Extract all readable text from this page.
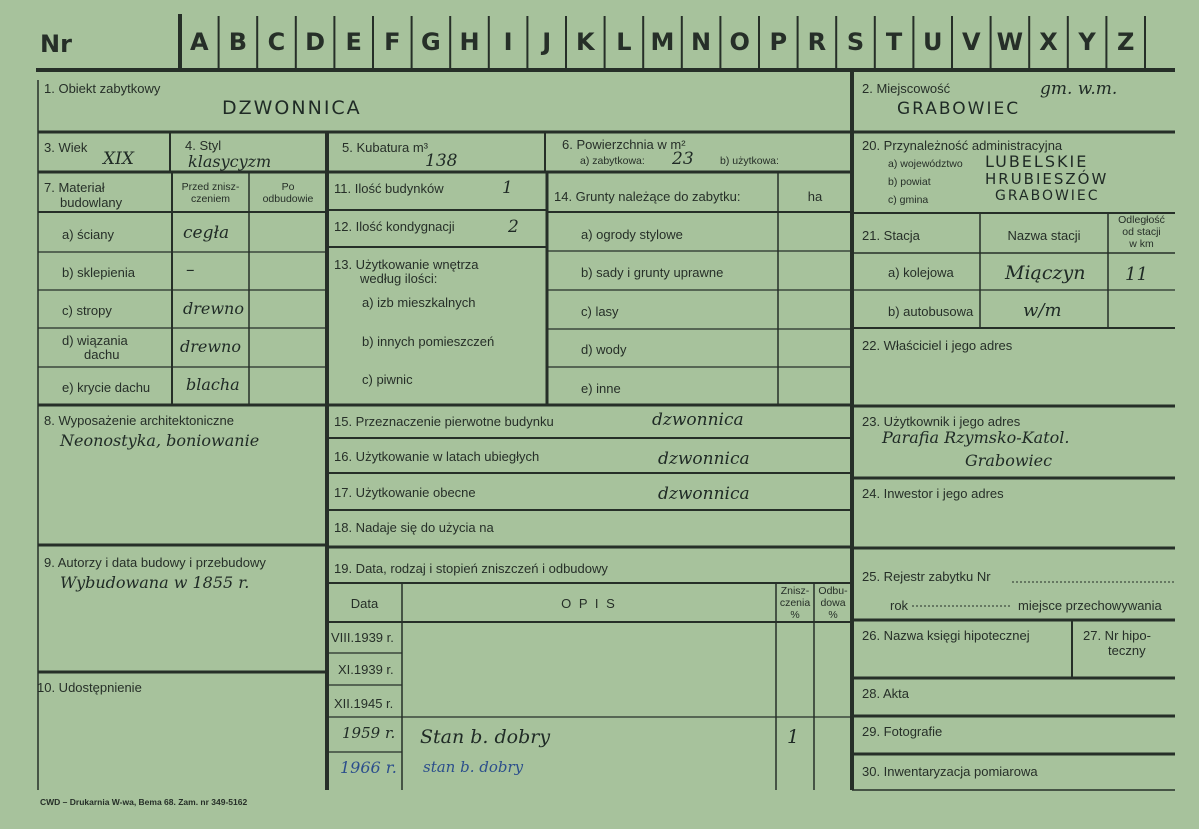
Nr	A B C D E F G H	I	J	K L M N O P R S T U V W X Y Z
1. Obiekt zabytkowy
DZWONNICA
2. Miejscowość	gm. w.m.
GRABOWIEC
3. Wiek
XIX
4. Styl
klasycyzm
5. Kubatura m³
138
6. Powierzchnia w m²
a) zabytkowa: 23	b) użytkowa:
7. Materiał
budowlany
Przed znisz-
czeniem
Po
odbudowie
a) ściany	cegła
b) sklepienia	–
c) stropy	drewno
d) wiązania
dachu	drewno
e) krycie dachu blacha
11. Ilość budynków	1
12. Ilość kondygnacji	2
13. Użytkowanie wnętrza
według ilości:
a) izb mieszkalnych
b) innych pomieszczeń
c) piwnic
14. Grunty należące do zabytku:	ha
a) ogrody stylowe
b) sady i grunty uprawne
c) lasy
d) wody
e) inne
8. Wyposażenie architektoniczne
Neonostyka, boniowanie
9. Autorzy i data budowy i przebudowy
Wybudowana w 1855 r.
10. Udostępnienie
15. Przeznaczenie pierwotne budynku	dzwonnica
16. Użytkowanie w latach ubiegłych	dzwonnica
17. Użytkowanie obecne	dzwonnica
18. Nadaje się do użycia na
19. Data, rodzaj i stopień zniszczeń i odbudowy
Data	O P I S
Znisz-
czenia
%
Odbu-
dowa
%
VIII.1939 r.
XI.1939 r.
XII.1945 r.
1959 r. Stan b. dobry	1
1966 r. stan b. dobry
20. Przynależność administracyjna
a) województwo LUBELSKIE
b) powiat	HRUBIESZÓW
c) gmina	GRABOWIEC
21. Stacja	Nazwa stacji
Odległość
od stacji
w km
a) kolejowa	Miączyn 11
b) autobusowa	w/m
22. Właściciel i jego adres
23. Użytkownik i jego adres
Parafia Rzymsko-Katol.
Grabowiec
24. Inwestor i jego adres
25. Rejestr zabytku Nr
rok	miejsce przechowywania
26. Nazwa księgi hipotecznej	27. Nr hipo-
teczny
28. Akta
29. Fotografie
30. Inwentaryzacja pomiarowa
CWD – Drukarnia W-wa, Bema 68. Zam. nr 349-5162
